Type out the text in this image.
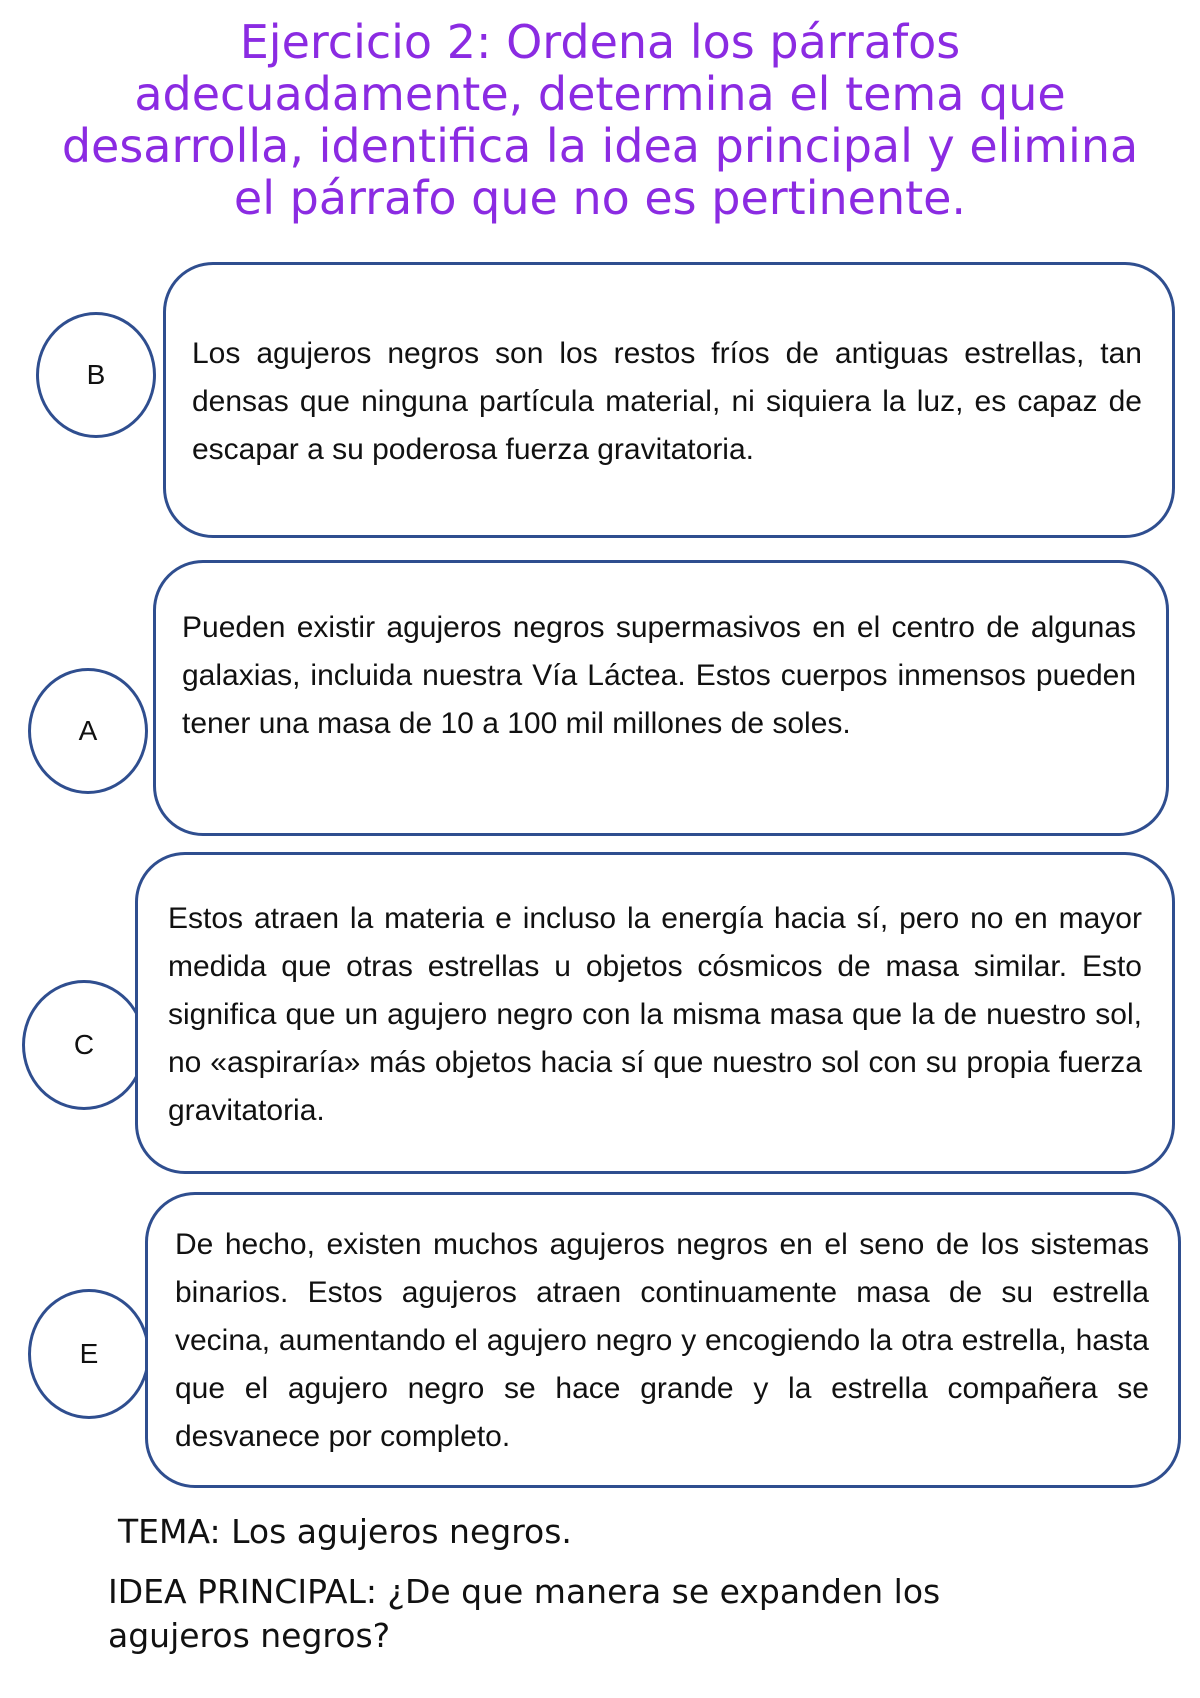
Ejercicio 2: Ordena los párrafos adecuadamente, determina el tema que desarrolla, identifica la idea principal y elimina el párrafo que no es pertinente.
B
Los agujeros negros son los restos fríos de antiguas estrellas, tan densas que ninguna partícula material, ni siquiera la luz, es capaz de escapar a su poderosa fuerza gravitatoria.
A
Pueden existir agujeros negros supermasivos en el centro de algunas galaxias, incluida nuestra Vía Láctea. Estos cuerpos inmensos pueden tener una masa de 10 a 100 mil millones de soles.
C
Estos atraen la materia e incluso la energía hacia sí, pero no en mayor medida que otras estrellas u objetos cósmicos de masa similar. Esto significa que un agujero negro con la misma masa que la de nuestro sol, no «aspiraría» más objetos hacia sí que nuestro sol con su propia fuerza gravitatoria.
E
De hecho, existen muchos agujeros negros en el seno de los sistemas binarios. Estos agujeros atraen continuamente masa de su estrella vecina, aumentando el agujero negro y encogiendo la otra estrella, hasta que el agujero negro se hace grande y la estrella compañera se desvanece por completo.
TEMA: Los agujeros negros.
IDEA PRINCIPAL: ¿De que manera se expanden los agujeros negros?
